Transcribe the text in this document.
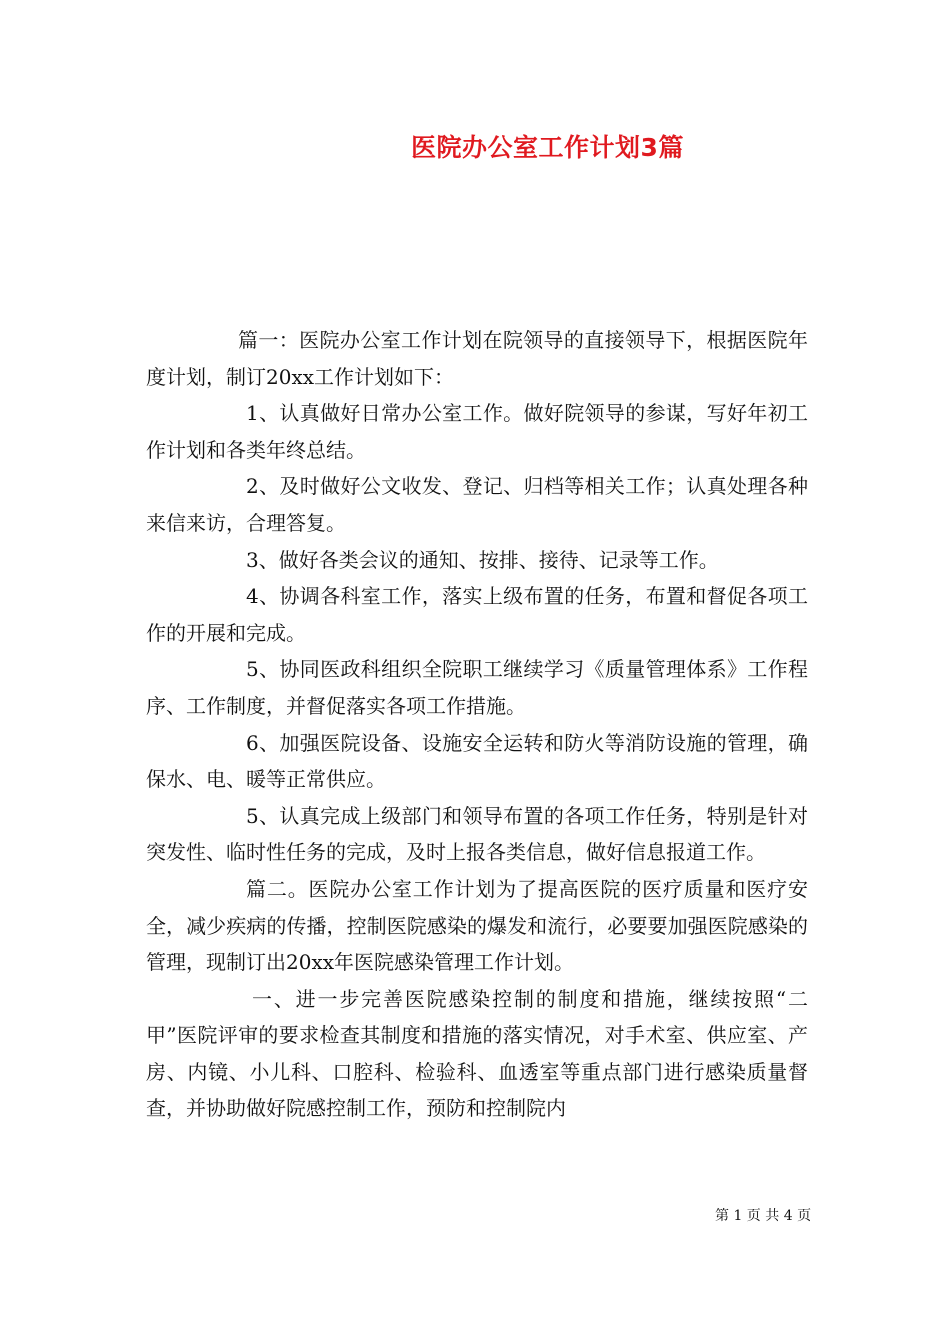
医院办公室工作计划3篇

篇一：医院办公室工作计划在院领导的直接领导下，根据医院年度计划，制订20xx工作计划如下：

1、认真做好日常办公室工作。做好院领导的参谋，写好年初工作计划和各类年终总结。

2、及时做好公文收发、登记、归档等相关工作；认真处理各种来信来访，合理答复。

3、做好各类会议的通知、按排、接待、记录等工作。

4、协调各科室工作，落实上级布置的任务，布置和督促各项工作的开展和完成。

5、协同医政科组织全院职工继续学习《质量管理体系》工作程序、工作制度，并督促落实各项工作措施。

6、加强医院设备、设施安全运转和防火等消防设施的管理，确保水、电、暖等正常供应。

5、认真完成上级部门和领导布置的各项工作任务，特别是针对突发性、临时性任务的完成，及时上报各类信息，做好信息报道工作。

篇二。医院办公室工作计划为了提高医院的医疗质量和医疗安全，减少疾病的传播，控制医院感染的爆发和流行，必要要加强医院感染的管理，现制订出20xx年医院感染管理工作计划。

一、进一步完善医院感染控制的制度和措施，继续按照“二甲”医院评审的要求检查其制度和措施的落实情况，对手术室、供应室、产房、内镜、小儿科、口腔科、检验科、血透室等重点部门进行感染质量督查，并协助做好院感控制工作，预防和控制院内

第 1 页 共 4 页
